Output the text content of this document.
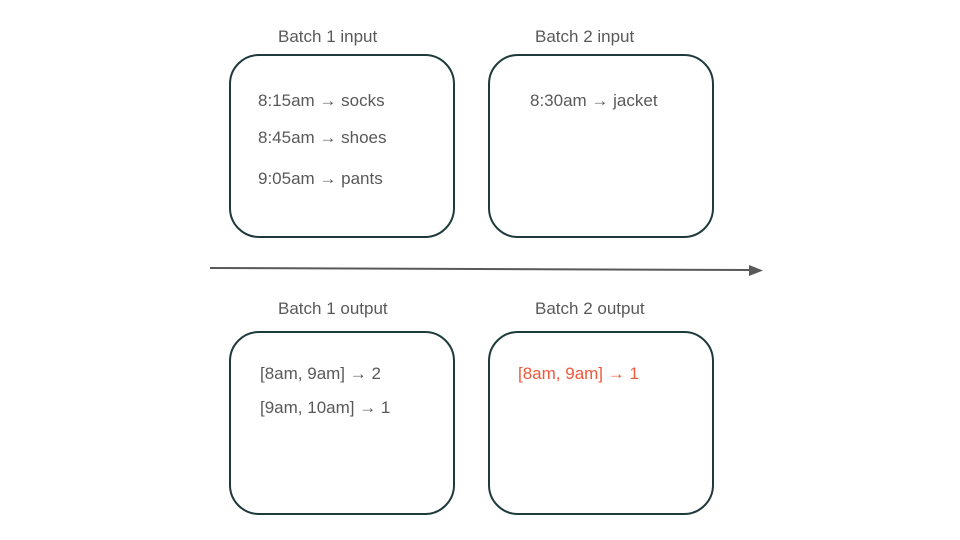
Batch 1 input	Batch 2 input
Batch 1 output	Batch 2 output
8:15am → socks
8:45am → shoes
9:05am → pants
8:30am → jacket
[8am, 9am] → 2
[9am, 10am] → 1
[8am, 9am] → 1
